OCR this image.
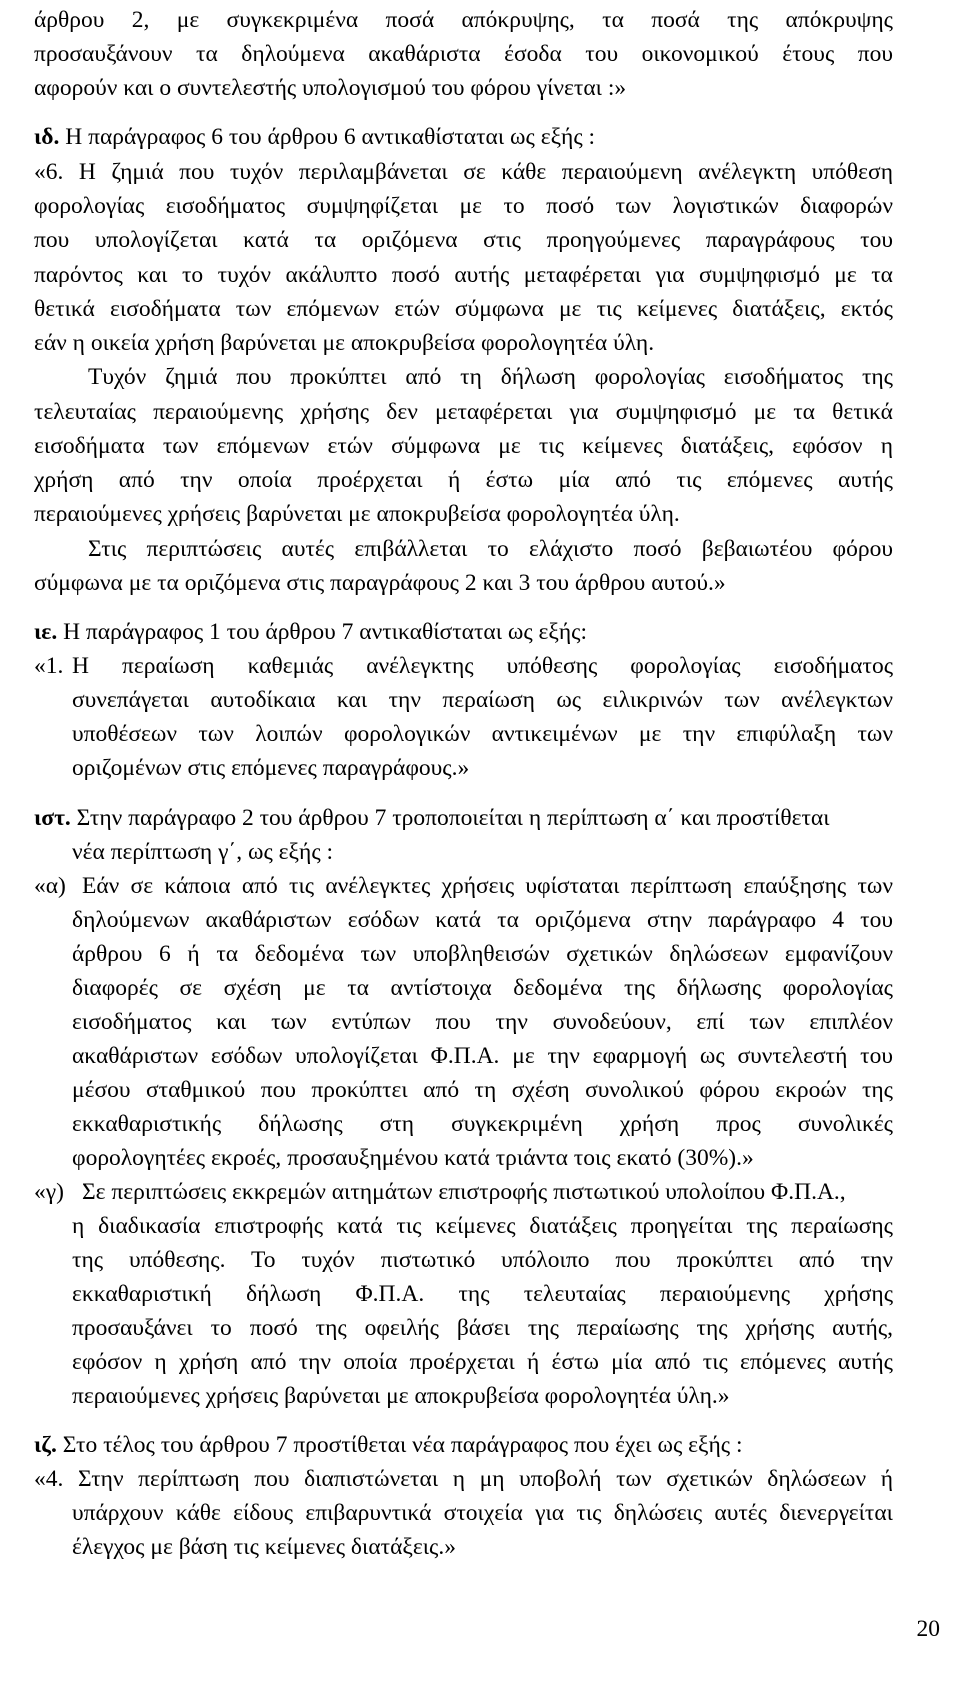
άρθρου 2, με συγκεκριμένα ποσά απόκρυψης, τα ποσά της απόκρυψης
προσαυξάνουν τα δηλούμενα ακαθάριστα έσοδα του οικονομικού έτους που
αφορούν και ο συντελεστής υπολογισμού του φόρου γίνεται :»
ιδ. Η παράγραφος 6 του άρθρου 6 αντικαθίσταται ως εξής :
«6. Η ζημιά που τυχόν περιλαμβάνεται σε κάθε περαιούμενη ανέλεγκτη υπόθεση
φορολογίας εισοδήματος συμψηφίζεται με το ποσό των λογιστικών διαφορών
που υπολογίζεται κατά τα οριζόμενα στις προηγούμενες παραγράφους του
παρόντος και το τυχόν ακάλυπτο ποσό αυτής μεταφέρεται για συμψηφισμό με τα
θετικά εισοδήματα των επόμενων ετών σύμφωνα με τις κείμενες διατάξεις, εκτός
εάν η οικεία χρήση βαρύνεται με αποκρυβείσα φορολογητέα ύλη.
Τυχόν ζημιά που προκύπτει από τη δήλωση φορολογίας εισοδήματος της
τελευταίας περαιούμενης χρήσης δεν μεταφέρεται για συμψηφισμό με τα θετικά
εισοδήματα των επόμενων ετών σύμφωνα με τις κείμενες διατάξεις, εφόσον η
χρήση από την οποία προέρχεται ή έστω μία από τις επόμενες αυτής
περαιούμενες χρήσεις βαρύνεται με αποκρυβείσα φορολογητέα ύλη.
Στις περιπτώσεις αυτές επιβάλλεται το ελάχιστο ποσό βεβαιωτέου φόρου
σύμφωνα με τα οριζόμενα στις παραγράφους 2 και 3 του άρθρου αυτού.»
ιε. Η παράγραφος 1 του άρθρου 7 αντικαθίσταται ως εξής:
«1. Η περαίωση καθεμιάς ανέλεγκτης υπόθεσης φορολογίας εισοδήματος
συνεπάγεται αυτοδίκαια και την περαίωση ως ειλικρινών των ανέλεγκτων
υποθέσεων των λοιπών φορολογικών αντικειμένων με την επιφύλαξη των
οριζομένων στις επόμενες παραγράφους.»
ιστ. Στην παράγραφο 2 του άρθρου 7 τροποποιείται η περίπτωση α΄ και προστίθεται
νέα περίπτωση γ΄, ως εξής :
«α) Εάν σε κάποια από τις ανέλεγκτες χρήσεις υφίσταται περίπτωση επαύξησης των
δηλούμενων ακαθάριστων εσόδων κατά τα οριζόμενα στην παράγραφο 4 του
άρθρου 6 ή τα δεδομένα των υποβληθεισών σχετικών δηλώσεων εμφανίζουν
διαφορές σε σχέση με τα αντίστοιχα δεδομένα της δήλωσης φορολογίας
εισοδήματος και των εντύπων που την συνοδεύουν, επί των επιπλέον
ακαθάριστων εσόδων υπολογίζεται Φ.Π.Α. με την εφαρμογή ως συντελεστή του
μέσου σταθμικού που προκύπτει από τη σχέση συνολικού φόρου εκροών της
εκκαθαριστικής δήλωσης στη συγκεκριμένη χρήση προς συνολικές
φορολογητέες εκροές, προσαυξημένου κατά τριάντα τοις εκατό (30%).»
«γ) Σε περιπτώσεις εκκρεμών αιτημάτων επιστροφής πιστωτικού υπολοίπου Φ.Π.Α.,
η διαδικασία επιστροφής κατά τις κείμενες διατάξεις προηγείται της περαίωσης
της υπόθεσης. Το τυχόν πιστωτικό υπόλοιπο που προκύπτει από την
εκκαθαριστική δήλωση Φ.Π.Α. της τελευταίας περαιούμενης χρήσης
προσαυξάνει το ποσό της οφειλής βάσει της περαίωσης της χρήσης αυτής,
εφόσον η χρήση από την οποία προέρχεται ή έστω μία από τις επόμενες αυτής
περαιούμενες χρήσεις βαρύνεται με αποκρυβείσα φορολογητέα ύλη.»
ιζ. Στο τέλος του άρθρου 7 προστίθεται νέα παράγραφος που έχει ως εξής :
«4. Στην περίπτωση που διαπιστώνεται η μη υποβολή των σχετικών δηλώσεων ή
υπάρχουν κάθε είδους επιβαρυντικά στοιχεία για τις δηλώσεις αυτές διενεργείται
έλεγχος με βάση τις κείμενες διατάξεις.»
20
